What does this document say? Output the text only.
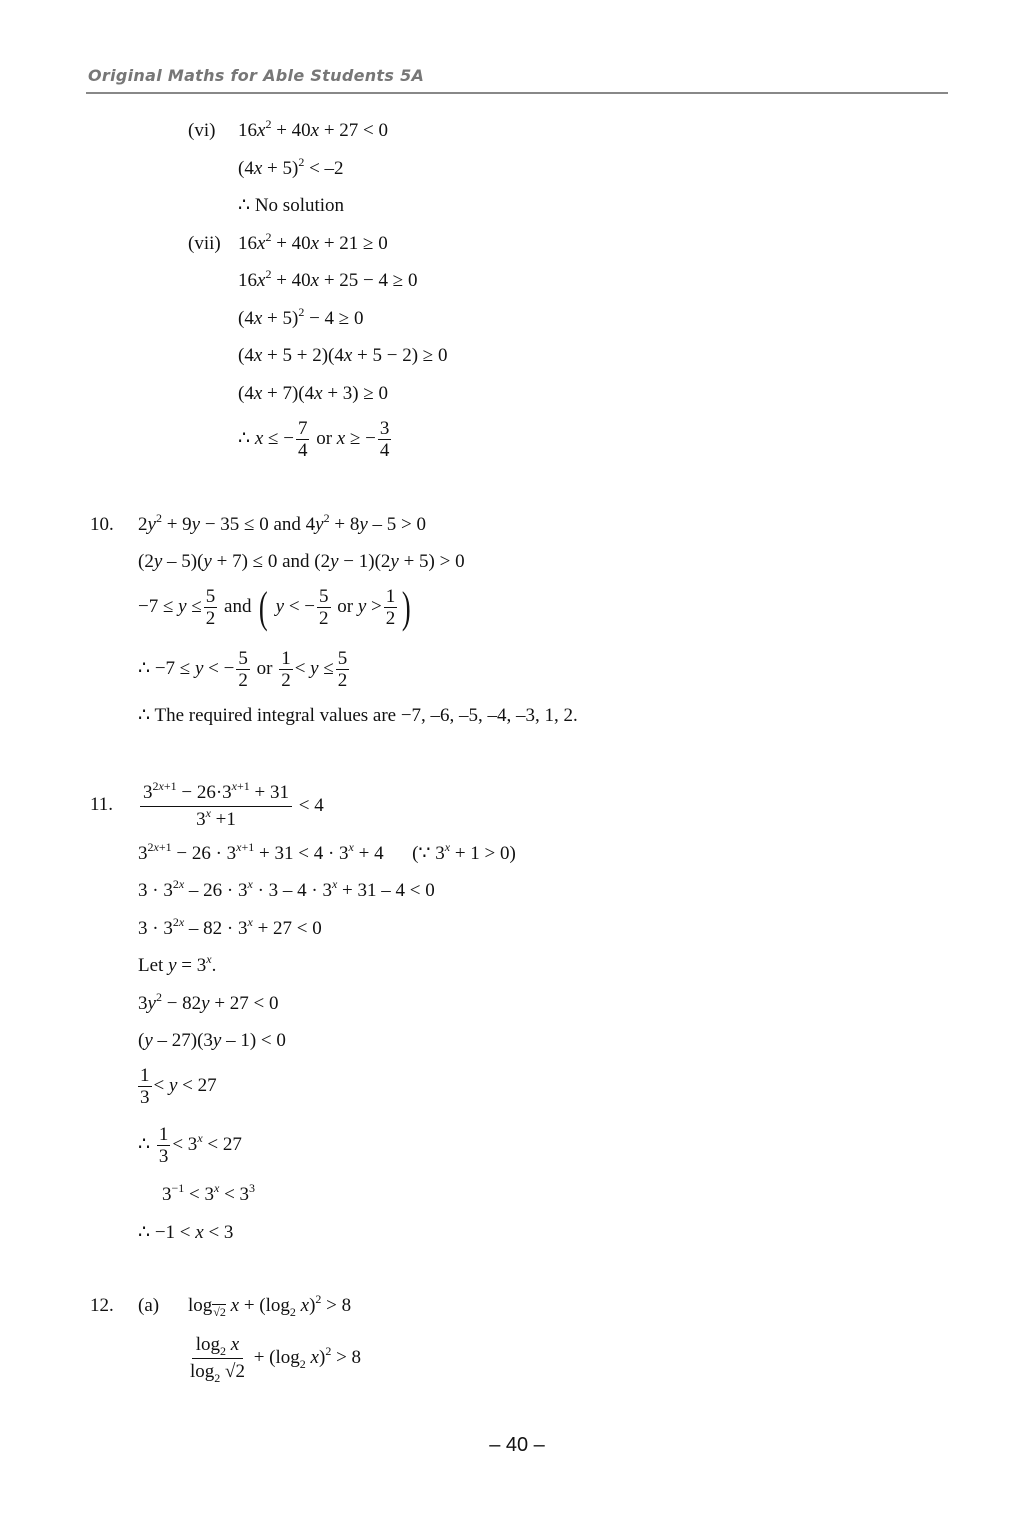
Original Maths for Able Students 5A
(vi) $16x^2 + 40x + 27 < 0$
$(4x + 5)^2 < -2$
∴ No solution
(vii) $16x^2 + 40x + 21 \ge 0$
$16x^2 + 40x + 25 - 4 \ge 0$
$(4x + 5)^2 - 4 \ge 0$
(4x + 5 + 2)(4x + 5 − 2) ≥ 0
(4x + 7)(4x + 3) ≥ 0
∴ x ≤ − $\frac{7}{4}$ or x ≥ − $\frac{3}{4}$
10. $2y^2 + 9y - 35 \le 0$ and $4y^2 + 8y - 5 > 0$
(2y – 5)(y + 7) ≤ 0 and (2y − 1)(2y + 5) > 0
$-7 \le y \le \frac{5}{2}$ and ( y < − $\frac{5}{2}$ or $y > \frac{1}{2}$ )
∴ −7 ≤ y < − $\frac{5}{2}$ or $\frac{1}{2} < y \le \frac{5}{2}$
∴ The required integral values are −7, –6, –5, –4, –3, 1, 2.
11. $\frac{3^{2x+1} - 26\cdot 3^{x+1} + 31}{3^x +1} < 4$
$3^{2x+1} - 26 \cdot 3^{x+1} + 31 < 4 \cdot 3^x + 4$      (∵ $3^x + 1 > 0$)
$3 \cdot 3^{2x} - 26 \cdot 3^x \cdot 3 - 4 \cdot 3^x + 31 - 4 < 0$
$3 \cdot 3^{2x} - 82 \cdot 3^x + 27 < 0$
Let $y = 3^x$.
$3y^2 - 82y + 27 < 0$
(y – 27)(3y – 1) < 0
$\frac{1}{3} < y < 27$
∴ $\frac{1}{3} < 3^x < 27$
$3^{-1} < 3^x < 3^3$
∴ −1 < x < 3
12. (a) $\log_{√2} x + (\log_2$ x)$^2$ > 8
$\frac{\log_2 x}{\log_2 √2} + (\log_2$ x)$^2$ > 8
– 40 –
